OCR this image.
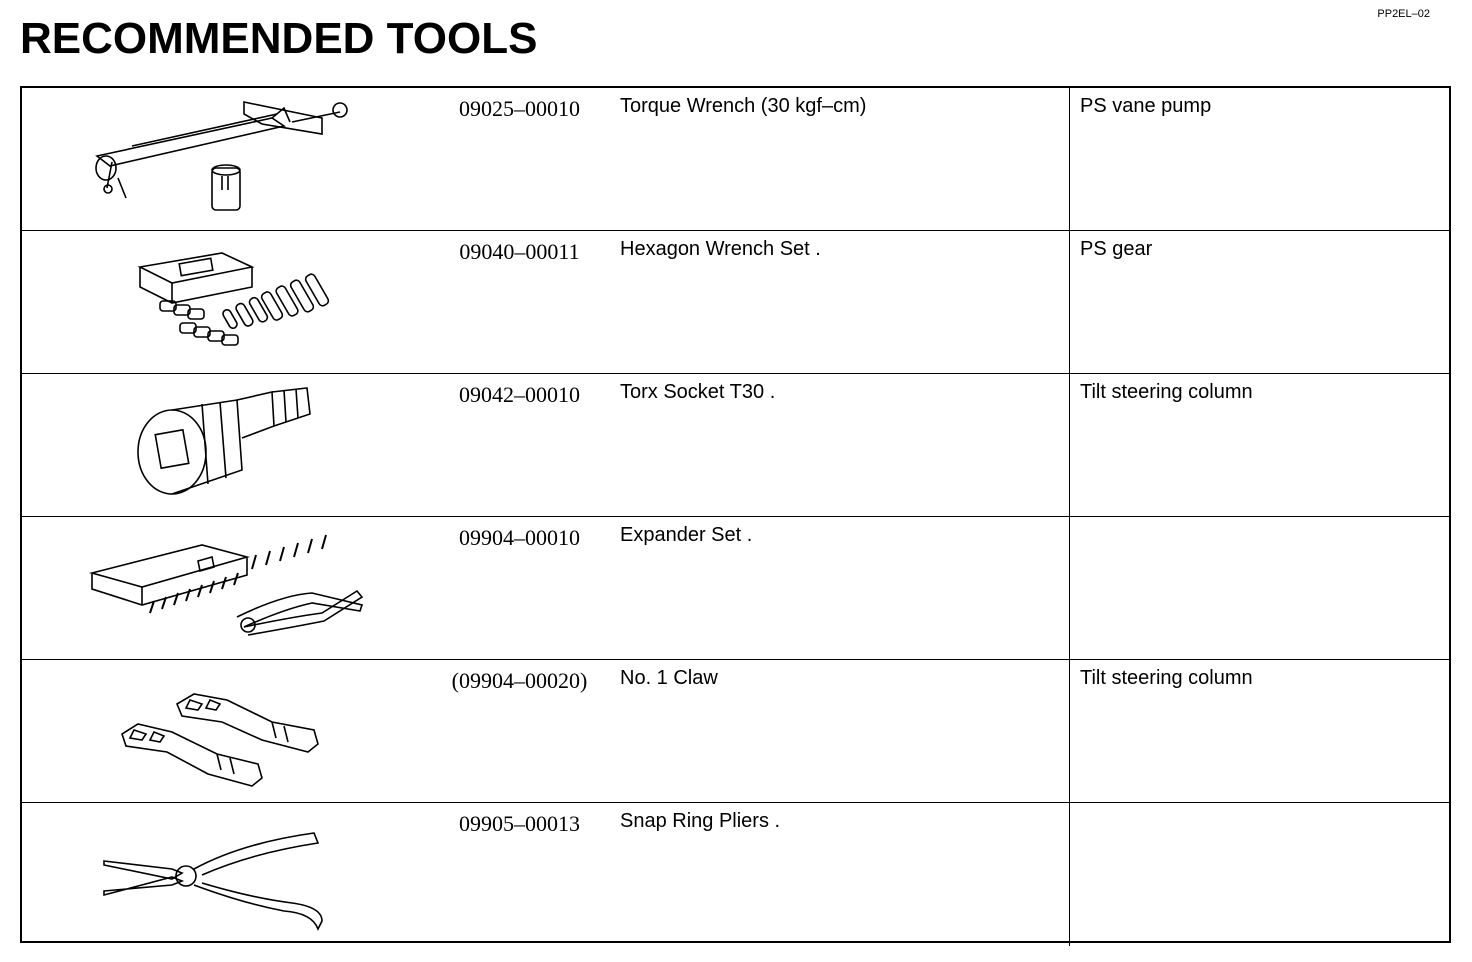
RECOMMENDED TOOLS	PP2EL–02
09025–00010	Torque Wrench (30 kgf–cm)	PS vane pump
09040–00011	Hexagon Wrench Set .	PS gear
09042–00010	Torx Socket T30 .	Tilt steering column
09904–00010	Expander Set .
(09904–00020)	No. 1 Claw	Tilt steering column
09905–00013	Snap Ring Pliers .
